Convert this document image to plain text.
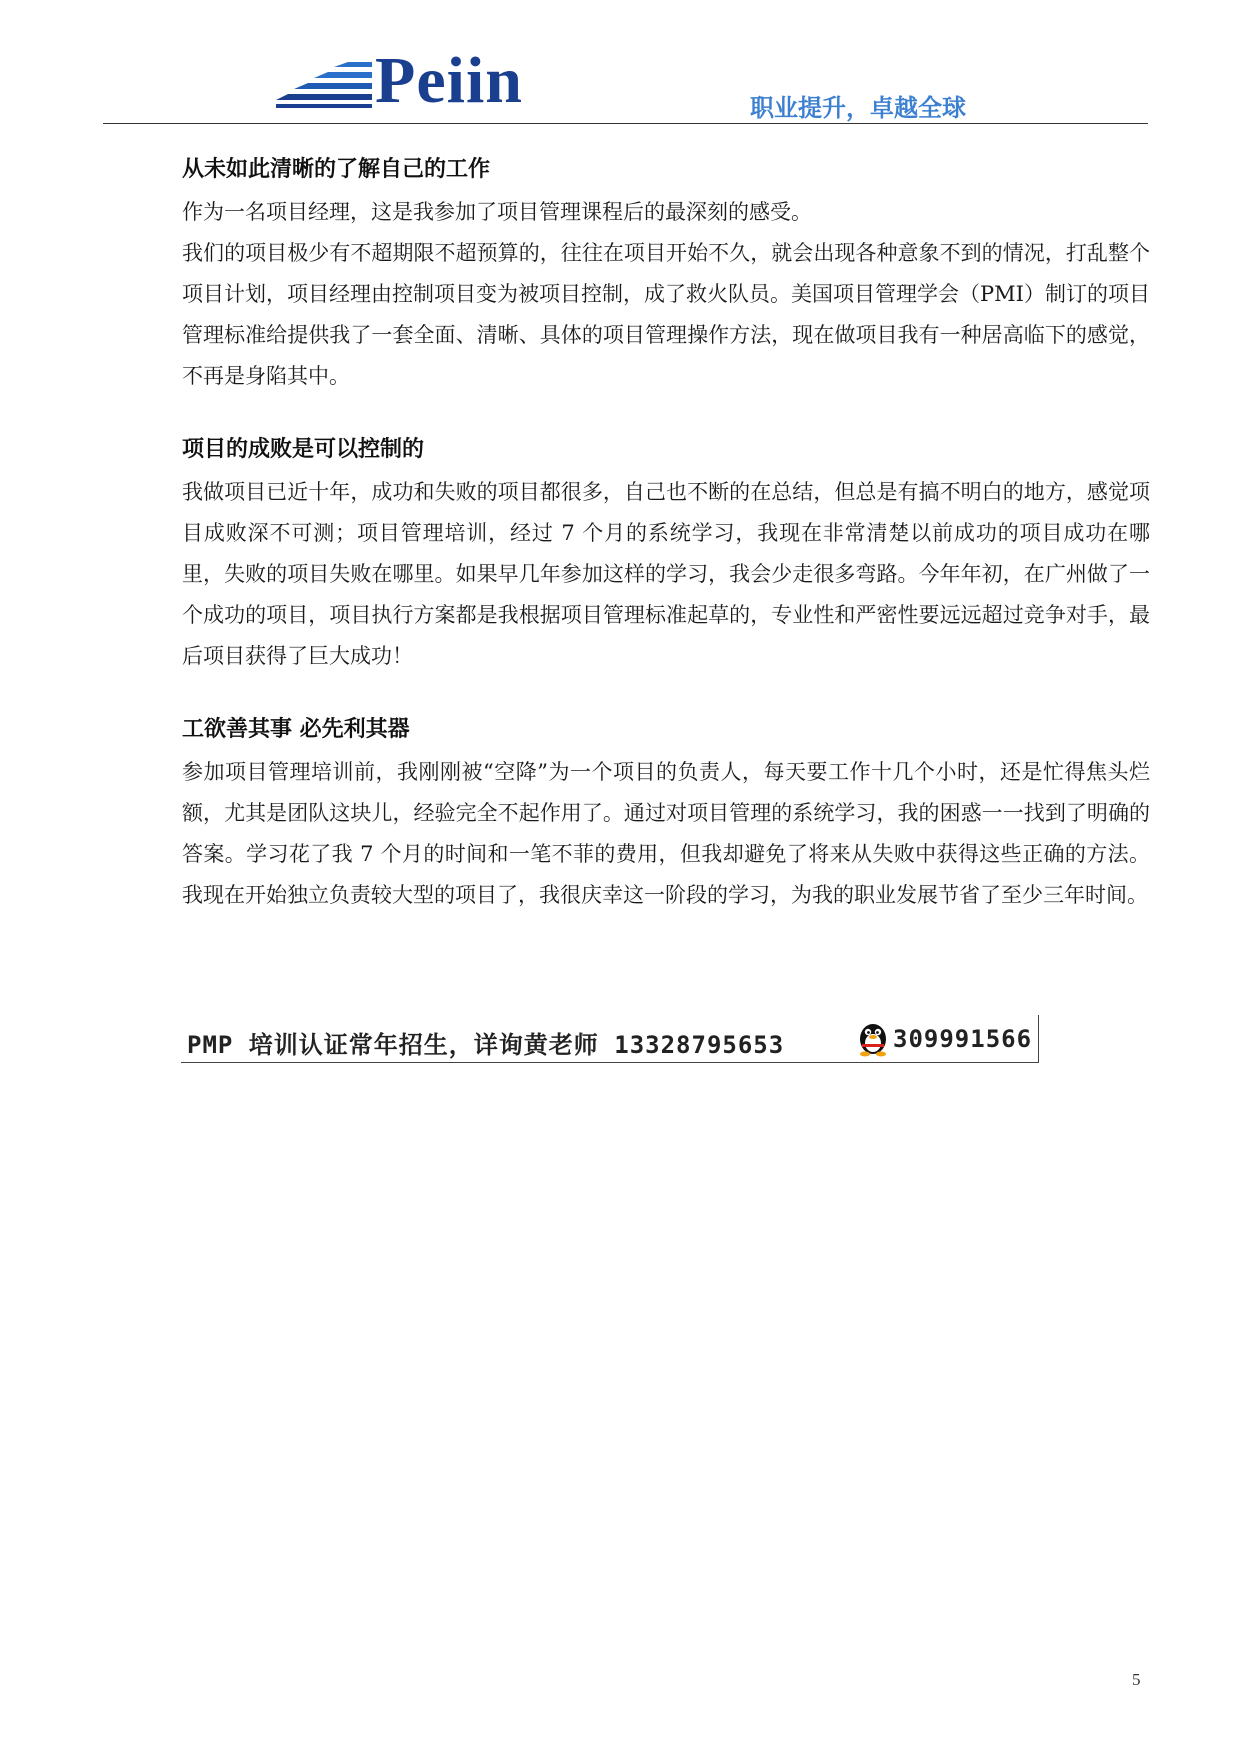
Peiin	职业提升，卓越全球
从未如此清晰的了解自己的工作

作为一名项目经理，这是我参加了项目管理课程后的最深刻的感受。

我们的项目极少有不超期限不超预算的，往往在项目开始不久，就会出现各种意象不到的情况，打乱整个项目计划，项目经理由控制项目变为被项目控制，成了救火队员。美国项目管理学会（PMI）制订的项目管理标准给提供我了一套全面、清晰、具体的项目管理操作方法，现在做项目我有一种居高临下的感觉，不再是身陷其中。

项目的成败是可以控制的

我做项目已近十年，成功和失败的项目都很多，自己也不断的在总结，但总是有搞不明白的地方，感觉项目成败深不可测；项目管理培训，经过 7 个月的系统学习，我现在非常清楚以前成功的项目成功在哪里，失败的项目失败在哪里。如果早几年参加这样的学习，我会少走很多弯路。今年年初，在广州做了一个成功的项目，项目执行方案都是我根据项目管理标准起草的，专业性和严密性要远远超过竞争对手，最后项目获得了巨大成功！

工欲善其事 必先利其器

参加项目管理培训前，我刚刚被“空降”为一个项目的负责人，每天要工作十几个小时，还是忙得焦头烂额，尤其是团队这块儿，经验完全不起作用了。通过对项目管理的系统学习，我的困惑一一找到了明确的答案。学习花了我 7 个月的时间和一笔不菲的费用，但我却避免了将来从失败中获得这些正确的方法。我现在开始独立负责较大型的项目了，我很庆幸这一阶段的学习，为我的职业发展节省了至少三年时间。

PMP 培训认证常年招生，详询黄老师 13328795653	309991566
5
